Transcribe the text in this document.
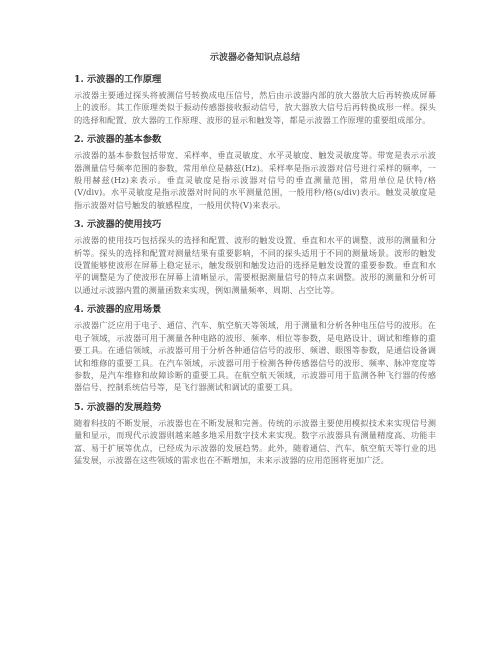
示波器必备知识点总结
1. 示波器的工作原理

示波器主要通过探头将被测信号转换成电压信号，然后由示波器内部的放大器放大后再转换成屏幕上的波形。其工作原理类似于振动传感器接收振动信号，放大器放大信号后再转换成形一样。探头的选择和配置、放大器的工作原理、波形的显示和触发等，都是示波器工作原理的重要组成部分。

2. 示波器的基本参数

示波器的基本参数包括带宽、采样率、垂直灵敏度、水平灵敏度、触发灵敏度等。带宽是表示示波器测量信号频率范围的参数，常用单位是赫兹(Hz)。采样率是指示波器对信号进行采样的频率，一般用赫兹(Hz)来表示。垂直灵敏度是指示波器对信号的垂直测量范围，常用单位是伏特/格(V/div)。水平灵敏度是指示波器对时间的水平测量范围，一般用秒/格(s/div)表示。触发灵敏度是指示波器对信号触发的敏感程度，一般用伏特(V)来表示。

3. 示波器的使用技巧

示波器的使用技巧包括探头的选择和配置、波形的触发设置、垂直和水平的调整、波形的测量和分析等。探头的选择和配置对测量结果有重要影响，不同的探头适用于不同的测量场景。波形的触发设置能够使波形在屏幕上稳定显示，触发级别和触发边沿的选择是触发设置的重要参数。垂直和水平的调整是为了使波形在屏幕上清晰显示，需要根据测量信号的特点来调整。波形的测量和分析可以通过示波器内置的测量函数来实现，例如测量频率、周期、占空比等。

4. 示波器的应用场景

示波器广泛应用于电子、通信、汽车、航空航天等领域，用于测量和分析各种电压信号的波形。在电子领域，示波器可用于测量各种电路的波形、频率、相位等参数，是电路设计、调试和维修的重要工具。在通信领域，示波器可用于分析各种通信信号的波形、频谱、眼图等参数，是通信设备调试和维修的重要工具。在汽车领域，示波器可用于检测各种传感器信号的波形、频率、脉冲宽度等参数，是汽车维修和故障诊断的重要工具。在航空航天领域，示波器可用于监测各种飞行器的传感器信号、控制系统信号等，是飞行器测试和调试的重要工具。

5. 示波器的发展趋势

随着科技的不断发展，示波器也在不断发展和完善。传统的示波器主要使用模拟技术来实现信号测量和显示，而现代示波器则越来越多地采用数字技术来实现。数字示波器具有测量精度高、功能丰富、易于扩展等优点，已经成为示波器的发展趋势。此外，随着通信、汽车、航空航天等行业的迅猛发展，示波器在这些领域的需求也在不断增加，未来示波器的应用范围将更加广泛。
